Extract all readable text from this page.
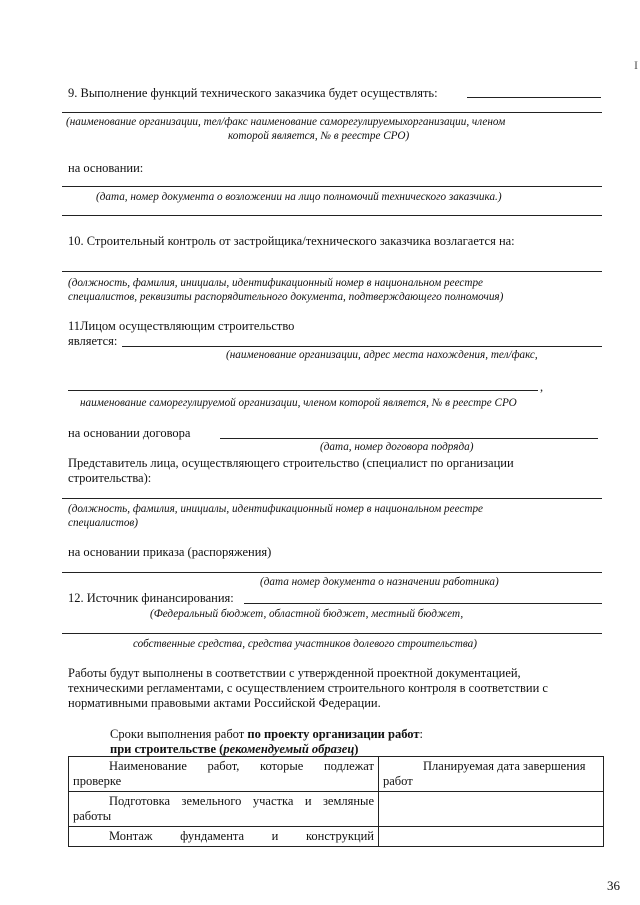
I
9. Выполнение функций технического заказчика будет осуществлять:
(наименование организации, тел/факс наименование саморегулируемыхорганизации, членом
которой является, № в реестре СРО)
на основании:
(дата, номер документа о возложении на лицо полномочий технического заказчика.)
10. Строительный контроль от застройщика/технического заказчика возлагается на:
(должность, фамилия, инициалы, идентификационный номер в национальном реестре
специалистов, реквизиты распорядительного документа, подтверждающего полномочия)
11Лицом осуществляющим строительство
является:
(наименование организации, адрес места нахождения, тел/факс,
,
наименование саморегулируемой организации, членом которой является, № в реестре СРО
на основании договора
(дата, номер договора подряда)
Представитель лица, осуществляющего строительство (специалист по организации
строительства):
(должность, фамилия, инициалы, идентификационный номер в национальном реестре
специалистов)
на основании приказа (распоряжения)
(дата номер документа о назначении работника)
12. Источник финансирования:
(Федеральный бюджет, областной бюджет, местный бюджет,
собственные средства, средства участников долевого строительства)
Работы будут выполнены в соответствии с утвержденной проектной документацией,
техническими регламентами, с осуществлением строительного контроля в соответствии с
нормативными правовыми актами Российской Федерации.
Сроки выполнения работ по проекту организации работ:
при строительстве (рекомендуемый образец)
Наименование работ, которые подлежат
проверке	Планируемая дата завершения
работ

Подготовка земельного участка и земляные
работы	

Монтаж фундамента и конструкций	

36
